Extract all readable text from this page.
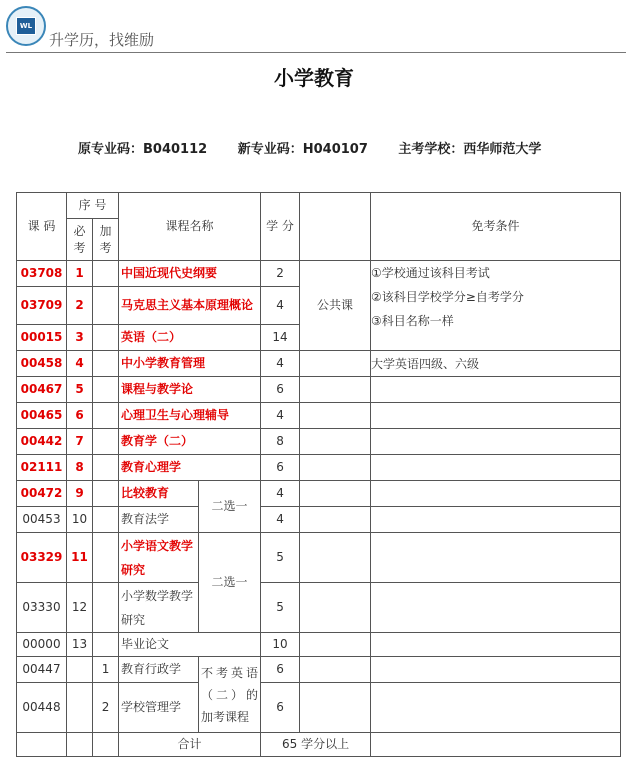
WL
升学历，找维励
小学教育
原专业码：B040112 新专业码：H040107 主考学校：西华师范大学
课 码	序 号		课程名称		学 分		免考条件
	必考	加考					
03708	1		中国近现代史纲要		2	公共课	①学校通过该科目考试
②该科目学校学分≥自考学分
③科目名称一样

03709	2		马克思主义基本原理概论		4		
00015	3		英语（二）		14		
00458	4		中小学教育管理		4		大学英语四级、六级
00467	5		课程与教学论		6		
00465	6		心理卫生与心理辅导		4		
00442	7		教育学（二）		8		
02111	8		教育心理学		6		
00472	9		比较教育	二选一	4		
00453	10		教育法学		4		
03329	11		小学语文教学研究	二选一	5		
03330	12		小学数学教学研究		5		
00000	13		毕业论文		10		
00447		1	教育行政学	不考英语（二）的加考课程	6		
00448		2	学校管理学		6		
			合计		65 学分以上		
